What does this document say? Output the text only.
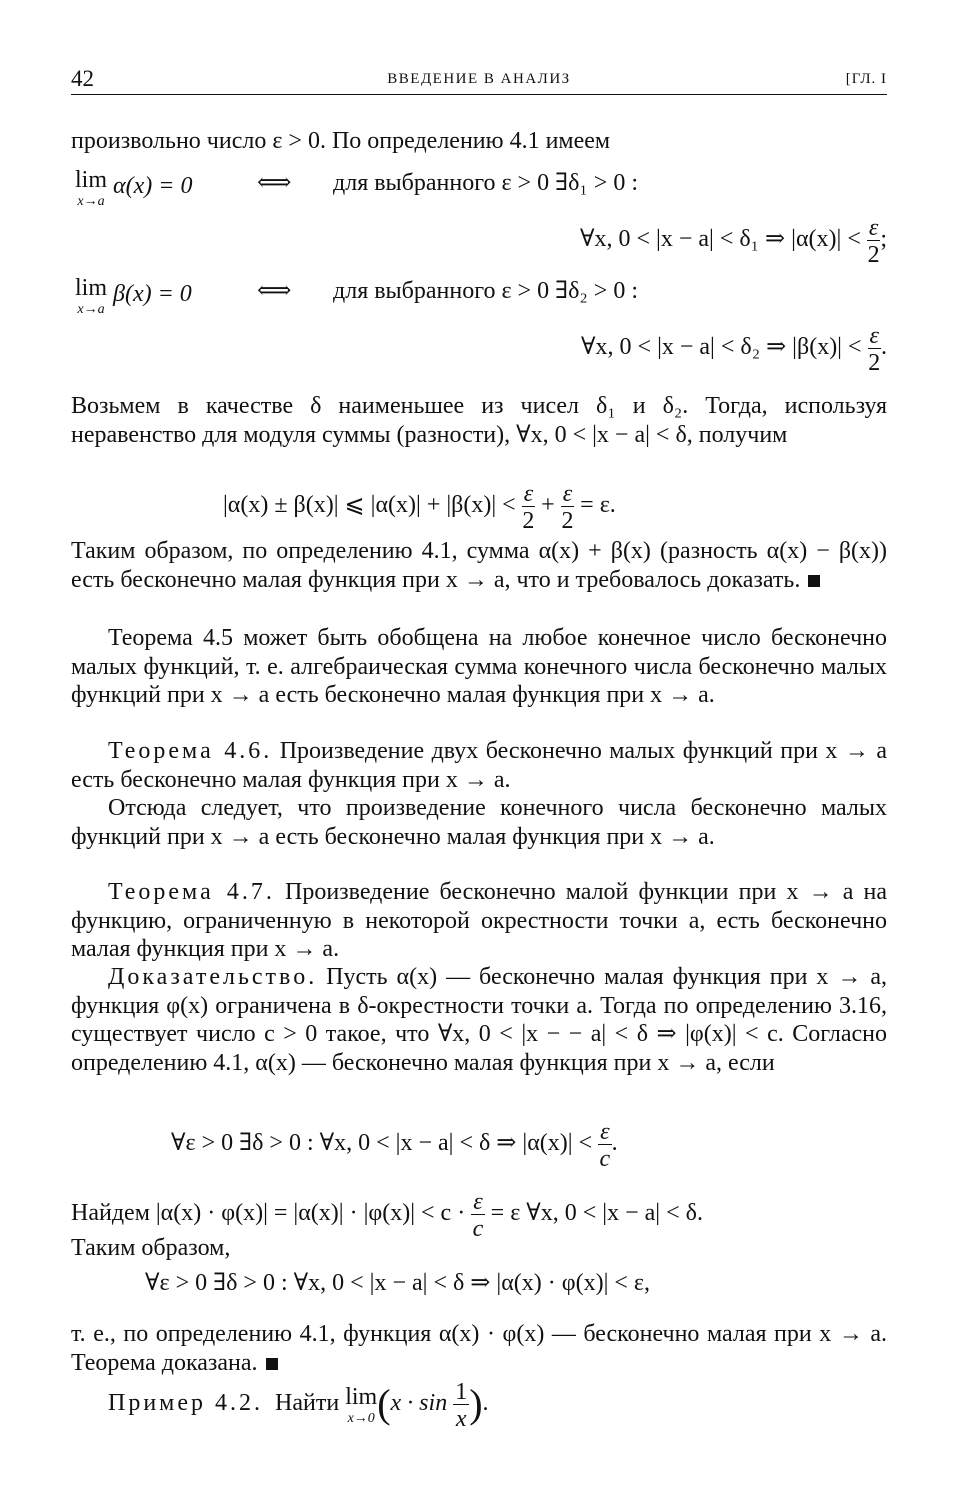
42	ВВЕДЕНИЕ В АНАЛИЗ	[ГЛ. I

произвольно число ε > 0. По определению 4.1 имеем

lim
x→a
α(x) = 0	⟺ для выбранного ε > 0 ∃δ₁ > 0 :
∀x, 0 < |x − a| < δ₁ ⇒ $|\alpha(x)| < \frac{\varepsilon}{2}$ ;
lim
x→a
β(x) = 0	⟺ для выбранного ε > 0 ∃δ₂ > 0 :
∀x, 0 < |x − a| < δ₂ ⇒ $|\beta(x)| < \frac{\varepsilon}{2}$ .

Возьмем в качестве δ наименьшее из чисел δ₁ и δ₂. Тогда, используя неравенство для модуля суммы (разности), ∀x, 0 < |x − a| < δ, получим

|α(x) ± β(x)| ⩽ $|\alpha(x)| + |\beta(x)| < \frac{\varepsilon}{2} + \frac{\varepsilon}{2} = \varepsilon$.

Таким образом, по определению 4.1, сумма α(x) + β(x) (разность α(x) − β(x)) есть бесконечно малая функция при x → a, что и требовалось доказать.

Теорема 4.5 может быть обобщена на любое конечное число бесконечно малых функций, т. е. алгебраическая сумма конечного числа бесконечно малых функций при x → a есть бесконечно малая функция при x → a.

Теорема 4.6. Произведение двух бесконечно малых функций при x → a есть бесконечно малая функция при x → a.

Отсюда следует, что произведение конечного числа бесконечно малых функций при x → a есть бесконечно малая функция при x → a.

Теорема 4.7. Произведение бесконечно малой функции при x → a на функцию, ограниченную в некоторой окрестности точки a, есть бесконечно малая функция при x → a.

Доказательство. Пусть α(x) — бесконечно малая функция при x → a, функция φ(x) ограничена в δ-окрестности точки a. Тогда по определению 3.16, существует число c > 0 такое, что ∀x, 0 < |x − − a| < δ ⇒ |φ(x)| < c. Согласно определению 4.1, α(x) — бесконечно малая функция при x → a, если

∀ε > 0 ∃δ > 0 : ∀x, 0 < |x − a| < δ ⇒ $|\alpha(x)| < \frac{\varepsilon}{c}$ .
Найдем $|\alpha(x) \cdot \varphi(x)| = |\alpha(x)| \cdot |\varphi(x)| < c \cdot \frac{\varepsilon}{c} = \varepsilon$ ∀x, 0 < |x − a| < δ.

Таким образом,

∀ε > 0 ∃δ > 0 : ∀x, 0 < |x − a| < δ ⇒ |α(x) · φ(x)| < ε,

т. е., по определению 4.1, функция α(x) · φ(x) — бесконечно малая при x → a. Теорема доказана.

Пример 4.2. Найти lim
x→0 ($x \cdot \sin \frac{1}{x}$ ).
